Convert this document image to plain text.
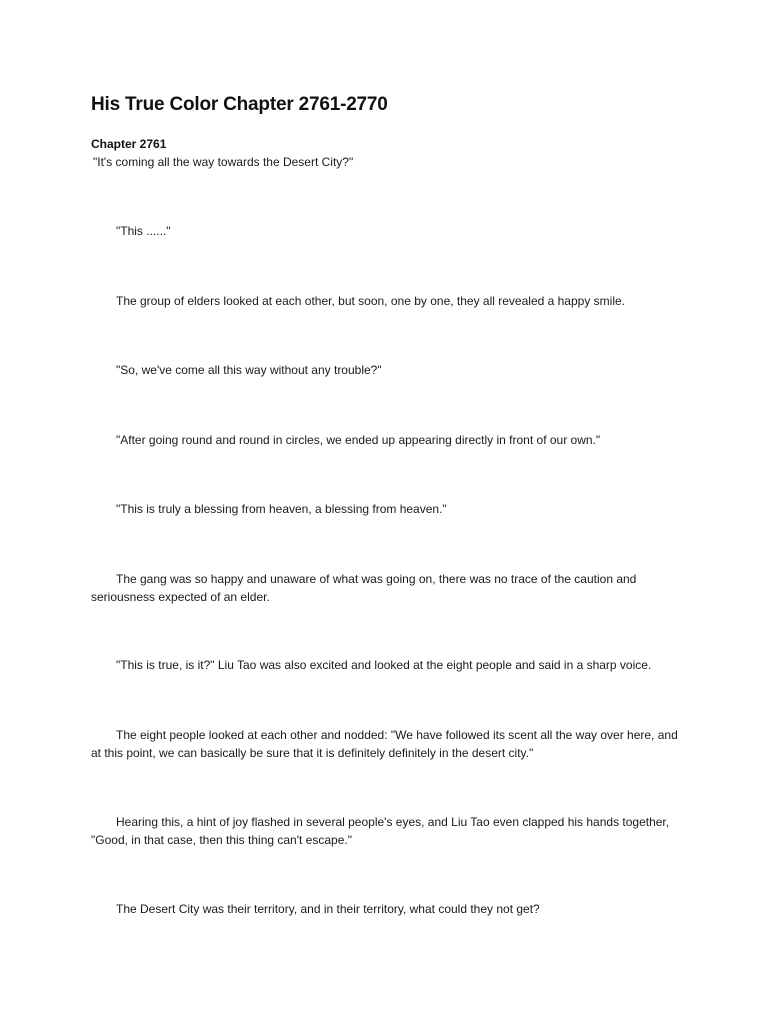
His True Color Chapter 2761-2770
Chapter 2761

"It's coming all the way towards the Desert City?"

"This ......"

The group of elders looked at each other, but soon, one by one, they all revealed a happy smile.

"So, we've come all this way without any trouble?"

"After going round and round in circles, we ended up appearing directly in front of our own."

"This is truly a blessing from heaven, a blessing from heaven."

The gang was so happy and unaware of what was going on, there was no trace of the caution and seriousness expected of an elder.

"This is true, is it?" Liu Tao was also excited and looked at the eight people and said in a sharp voice.

The eight people looked at each other and nodded: "We have followed its scent all the way over here, and at this point, we can basically be sure that it is definitely definitely in the desert city."

Hearing this, a hint of joy flashed in several people's eyes, and Liu Tao even clapped his hands together, "Good, in that case, then this thing can't escape."

The Desert City was their territory, and in their territory, what could they not get?
